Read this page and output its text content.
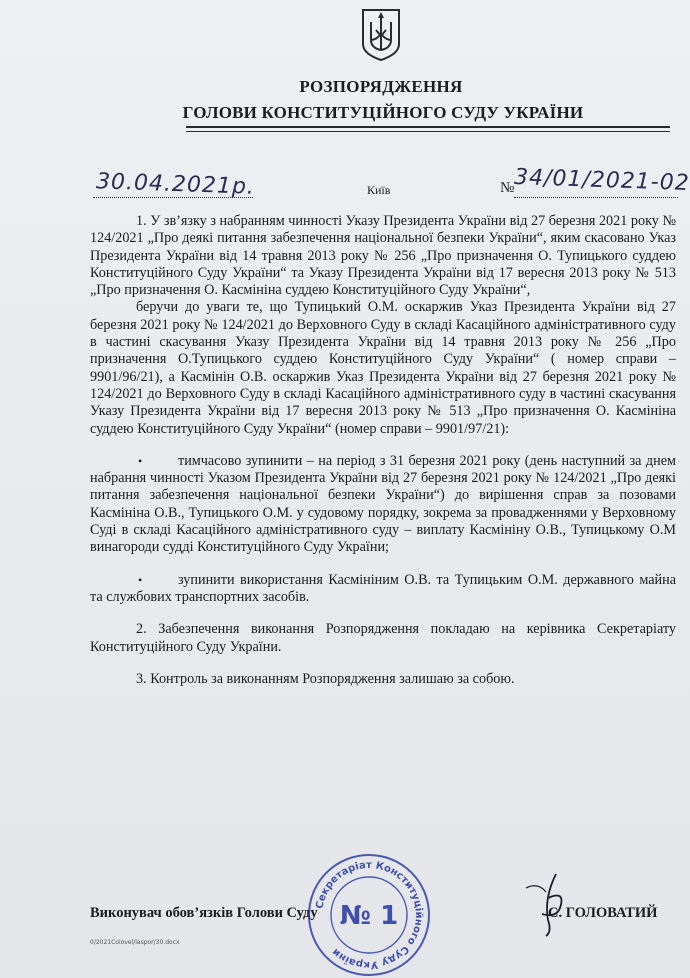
РОЗПОРЯДЖЕННЯ
ГОЛОВИ КОНСТИТУЦІЙНОГО СУДУ УКРАЇНИ
30.04.2021р.	Київ	№ 34/01/2021-02

1. У зв’язку з набранням чинності Указу Президента України від 27 березня 2021 року № 124/2021 „Про деякі питання забезпечення національної безпеки України“, яким скасовано Указ Президента України від 14 травня 2013 року № 256 „Про призначення О. Тупицького суддею Конституційного Суду України“ та Указу Президента України від 17 вересня 2013 року № 513 „Про призначення О. Касмініна суддею Конституційного Суду України“,

беручи до уваги те, що Тупицький О.М. оскаржив Указ Президента України від 27 березня 2021 року № 124/2021 до Верховного Суду в складі Касаційного адміністративного суду в частині скасування Указу Президента України від 14 травня 2013 року № 256 „Про призначення О.Тупицького суддею Конституційного Суду України“ ( номер справи – 9901/96/21), а Касмінін О.В. оскаржив Указ Президента України від 27 березня 2021 року № 124/2021 до Верховного Суду в складі Касаційного адміністративного суду в частині скасування Указу Президента України від 17 вересня 2013 року № 513 „Про призначення О. Касмініна суддею Конституційного Суду України“ (номер справи – 9901/97/21):

•	тимчасово зупинити – на період з 31 березня 2021 року (день наступний за днем набрання чинності Указом Президента України від 27 березня 2021 року № 124/2021 „Про деякі питання забезпечення національної безпеки України“) до вирішення справ за позовами Касмініна О.В., Тупицького О.М. у судовому порядку, зокрема за провадженнями у Верховному Суді в складі Касаційного адміністративного суду – виплату Касмініну О.В., Тупицькому О.М винагороди судді Конституційного Суду України;

•	зупинити використання Касмініним О.В. та Тупицьким О.М. державного майна та службових транспортних засобів.

2. Забезпечення виконання Розпорядження покладаю на керівника Секретаріату Конституційного Суду України.

3. Контроль за виконанням Розпорядження залишаю за собою.

Виконувач обов’язків Голови Суду	С. ГОЛОВАТИЙ
Секретаріат Конституційного Суду України
№ 1
0/2021Сolovel/laspor/30.docx
